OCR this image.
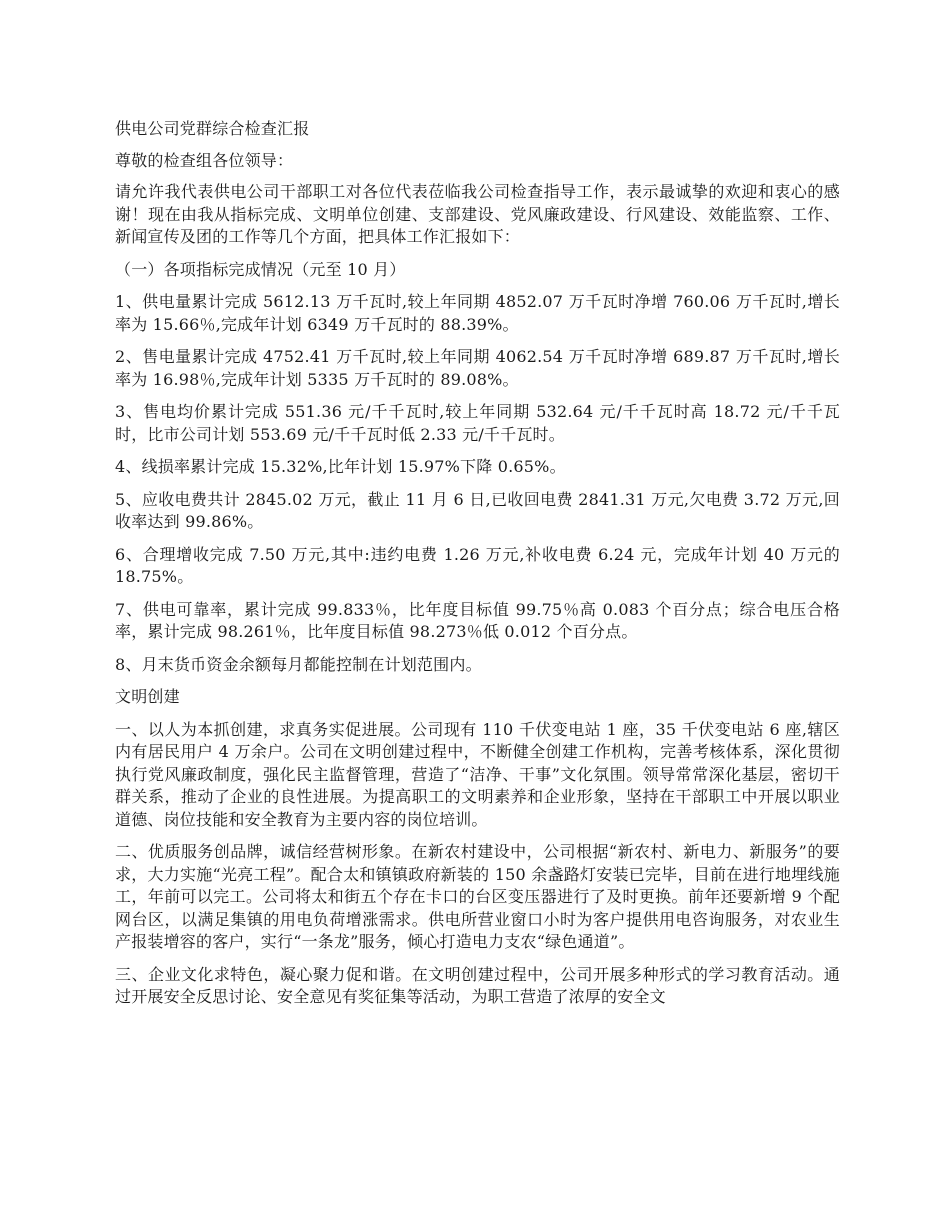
供电公司党群综合检查汇报

尊敬的检查组各位领导：

请允许我代表供电公司干部职工对各位代表莅临我公司检查指导工作，表示最诚挚的欢迎和衷心的感谢！现在由我从指标完成、文明单位创建、支部建设、党风廉政建设、行风建设、效能监察、工作、新闻宣传及团的工作等几个方面，把具体工作汇报如下：

（一）各项指标完成情况（元至 10 月）

1、供电量累计完成 5612.13 万千瓦时,较上年同期 4852.07 万千瓦时净增 760.06 万千瓦时,增长率为 15.66％,完成年计划 6349 万千瓦时的 88.39%。

2、售电量累计完成 4752.41 万千瓦时,较上年同期 4062.54 万千瓦时净增 689.87 万千瓦时,增长率为 16.98％,完成年计划 5335 万千瓦时的 89.08%。

3、售电均价累计完成 551.36 元/千千瓦时,较上年同期 532.64 元/千千瓦时高 18.72 元/千千瓦时，比市公司计划 553.69 元/千千瓦时低 2.33 元/千千瓦时。

4、线损率累计完成 15.32%,比年计划 15.97%下降 0.65%。

5、应收电费共计 2845.02 万元，截止 11 月 6 日,已收回电费 2841.31 万元,欠电费 3.72 万元,回收率达到 99.86%。

6、合理增收完成 7.50 万元,其中:违约电费 1.26 万元,补收电费 6.24 元，完成年计划 40 万元的 18.75%。

7、供电可靠率，累计完成 99.833％，比年度目标值 99.75％高 0.083 个百分点；综合电压合格率，累计完成 98.261％，比年度目标值 98.273％低 0.012 个百分点。

8、月末货币资金余额每月都能控制在计划范围内。

文明创建

一、以人为本抓创建，求真务实促进展。公司现有 110 千伏变电站 1 座，35 千伏变电站 6 座,辖区内有居民用户 4 万余户。公司在文明创建过程中，不断健全创建工作机构，完善考核体系，深化贯彻执行党风廉政制度，强化民主监督管理，营造了“洁净、干事”文化氛围。领导常常深化基层，密切干群关系，推动了企业的良性进展。为提高职工的文明素养和企业形象，坚持在干部职工中开展以职业道德、岗位技能和安全教育为主要内容的岗位培训。

二、优质服务创品牌，诚信经营树形象。在新农村建设中，公司根据“新农村、新电力、新服务”的要求，大力实施“光亮工程”。配合太和镇镇政府新装的 150 余盏路灯安装已完毕，目前在进行地埋线施工，年前可以完工。公司将太和街五个存在卡口的台区变压器进行了及时更换。前年还要新增 9 个配网台区，以满足集镇的用电负荷增涨需求。供电所营业窗口小时为客户提供用电咨询服务，对农业生产报装增容的客户，实行“一条龙”服务，倾心打造电力支农“绿色通道”。

三、企业文化求特色，凝心聚力促和谐。在文明创建过程中，公司开展多种形式的学习教育活动。通过开展安全反思讨论、安全意见有奖征集等活动，为职工营造了浓厚的安全文
